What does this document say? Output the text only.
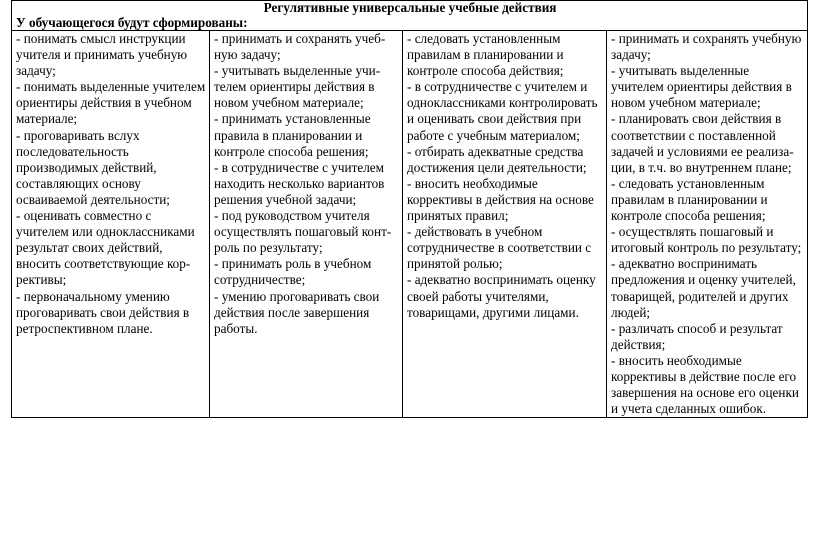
Регулятивные универсальные учебные действия
У обучающегося будут сформированы:

- понимать смысл инструкции учителя и принимать учебную задачу;
- понимать выделенные учителем ориентиры действия в учебном материале;
- проговаривать вслух последовательность производимых действий, составляющих основу осваиваемой деятельности;
- оценивать совместно с учителем или одноклассниками результат своих действий, вносить соответствующие коррективы;
- первоначальному умению проговаривать свои действия в ретроспективном плане.

- принимать и сохранять учебную задачу;
- учитывать выделенные учителем ориентиры действия в новом учебном материале;
- принимать установленные правила в планировании и контроле способа решения;
- в сотрудничестве с учителем находить несколько вариантов решения учебной задачи;
- под руководством учителя осуществлять пошаговый контроль по результату;
- принимать роль в учебном сотрудничестве;
- умению проговаривать свои действия после завершения работы.

- следовать установленным правилам в планировании и контроле способа действия;
- в сотрудничестве с учителем и одноклассниками контролировать и оценивать свои действия при работе с учебным материалом;
- отбирать адекватные средства достижения цели деятельности;
- вносить необходимые коррективы в действия на основе принятых правил;
- действовать в учебном сотрудничестве в соответствии с принятой ролью;
- адекватно воспринимать оценку своей работы учителями, товарищами, другими лицами.

- принимать и сохранять учебную задачу;
- учитывать выделенные учителем ориентиры действия в новом учебном материале;
- планировать свои действия в соответствии с поставленной задачей и условиями ее реализации, в т.ч. во внутреннем плане;
- следовать установленным правилам в планировании и контроле способа решения;
- осуществлять пошаговый и итоговый контроль по результату;
- адекватно воспринимать предложения и оценку учителей, товарищей, родителей и других людей;
- различать способ и результат действия;
- вносить необходимые коррективы в действие после его завершения на основе его оценки и учета сделанных ошибок.
